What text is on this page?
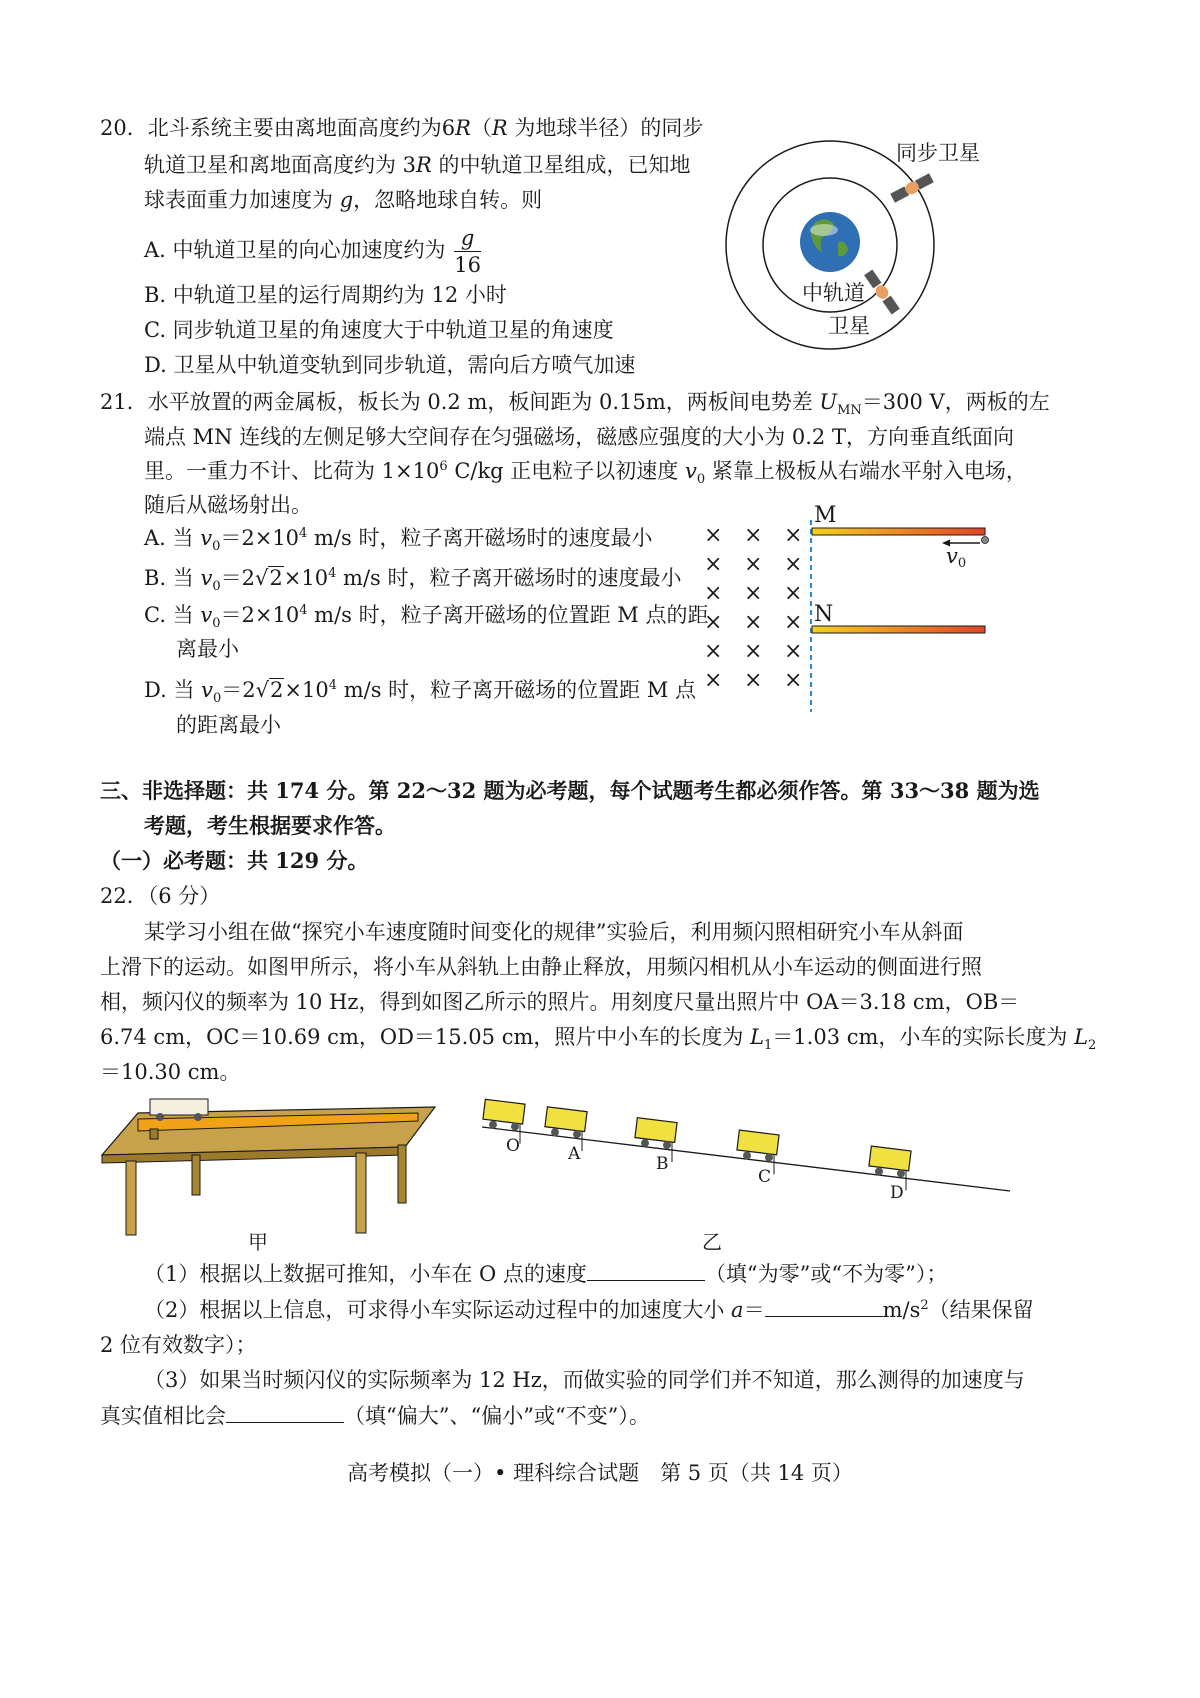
20．北斗系统主要由离地面高度约为6R（R 为地球半径）的同步
轨道卫星和离地面高度约为 3R 的中轨道卫星组成，已知地
球表面重力加速度为 g，忽略地球自转。则
A. 中轨道卫星的向心加速度约为 $\frac{g}{16}$
B. 中轨道卫星的运行周期约为 12 小时
C. 同步轨道卫星的角速度大于中轨道卫星的角速度
D. 卫星从中轨道变轨到同步轨道，需向后方喷气加速
同步卫星
中轨道
卫星
21．水平放置的两金属板，板长为 0.2 m，板间距为 0.15m，两板间电势差 $U_{MN}=300$ V，两板的左
端点 MN 连线的左侧足够大空间存在匀强磁场，磁感应强度的大小为 0.2 T，方向垂直纸面向
里。一重力不计、比荷为 $1\times 10^6$ C/kg 正电粒子以初速度 $v_0$ 紧靠上极板从右端水平射入电场，
随后从磁场射出。
A. 当 $v_0=2\times 10^4$ m/s 时，粒子离开磁场时的速度最小
B. 当 $v_0=2√2\times 10^4$ m/s 时，粒子离开磁场时的速度最小
C. 当 $v_0=2\times 10^4$ m/s 时，粒子离开磁场的位置距 M 点的距
离最小
D. 当 $v_0=2√2\times 10^4$ m/s 时，粒子离开磁场的位置距 M 点
的距离最小
× × ×
× × ×
× × ×
× × ×
× × ×
× × ×
M
N
v0
三、非选择题：共 174 分。第 22～32 题为必考题，每个试题考生都必须作答。第 33～38 题为选
考题，考生根据要求作答。
（一）必考题：共 129 分。
22．（6 分）
某学习小组在做“探究小车速度随时间变化的规律”实验后，利用频闪照相研究小车从斜面
上滑下的运动。如图甲所示，将小车从斜轨上由静止释放，用频闪相机从小车运动的侧面进行照
相，频闪仪的频率为 10 Hz，得到如图乙所示的照片。用刻度尺量出照片中 OA＝3.18 cm，OB＝
6.74 cm，OC＝10.69 cm，OD＝15.05 cm，照片中小车的长度为 $L_1=1.03$ cm，小车的实际长度为 $L_2$
＝10.30 cm。
甲
O	A	B
C
D
乙
（1）根据以上数据可推知，小车在 O 点的速度	（填“为零”或“不为零”）；
（2）根据以上信息，可求得小车实际运动过程中的加速度大小 a＝	$m/s^2$（结果保留
2 位有效数字）；
（3）如果当时频闪仪的实际频率为 12 Hz，而做实验的同学们并不知道，那么测得的加速度与
真实值相比会	（填“偏大”、“偏小”或“不变”）。
高考模拟（一）• 理科综合试题　第 5 页（共 14 页）
